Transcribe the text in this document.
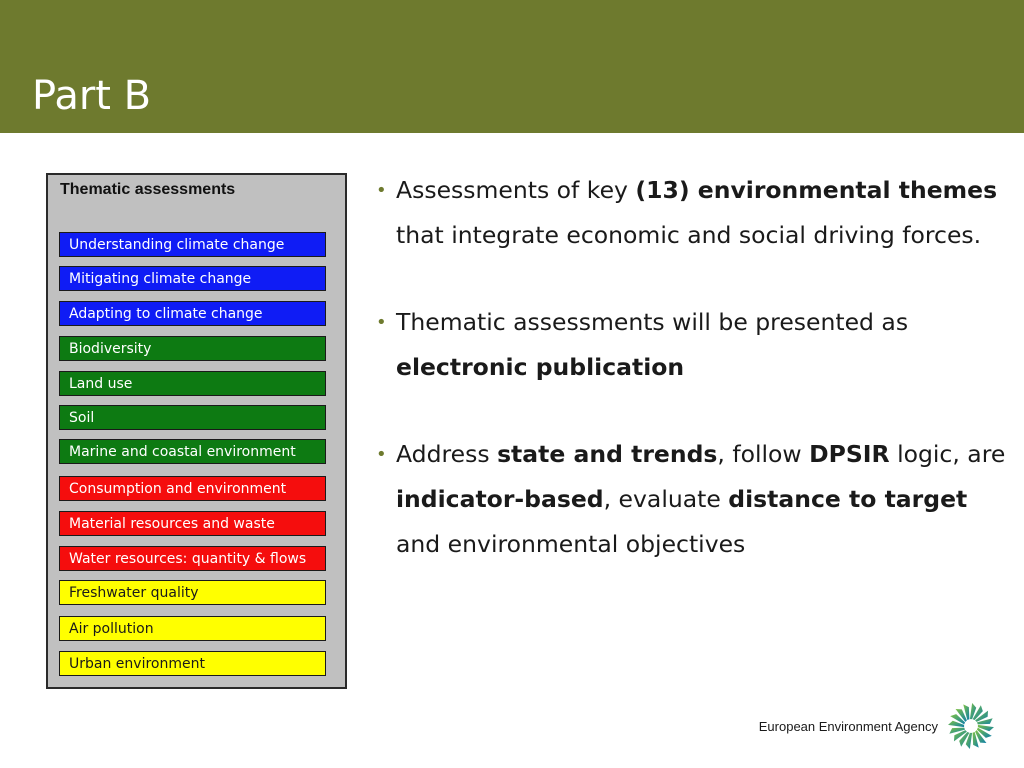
Part B
Thematic assessments
Understanding climate change
Mitigating climate change
Adapting to climate change
Biodiversity
Land use
Soil
Marine and coastal environment
Consumption and environment
Material resources and waste
Water resources: quantity & flows
Freshwater quality
Air pollution
Urban environment
• Assessments of key (13) environmental themes that integrate economic and social driving forces.
• Thematic assessments will be presented as electronic publication
• Address state and trends, follow DPSIR logic, are indicator-based, evaluate distance to target and environmental objectives
European Environment Agency
